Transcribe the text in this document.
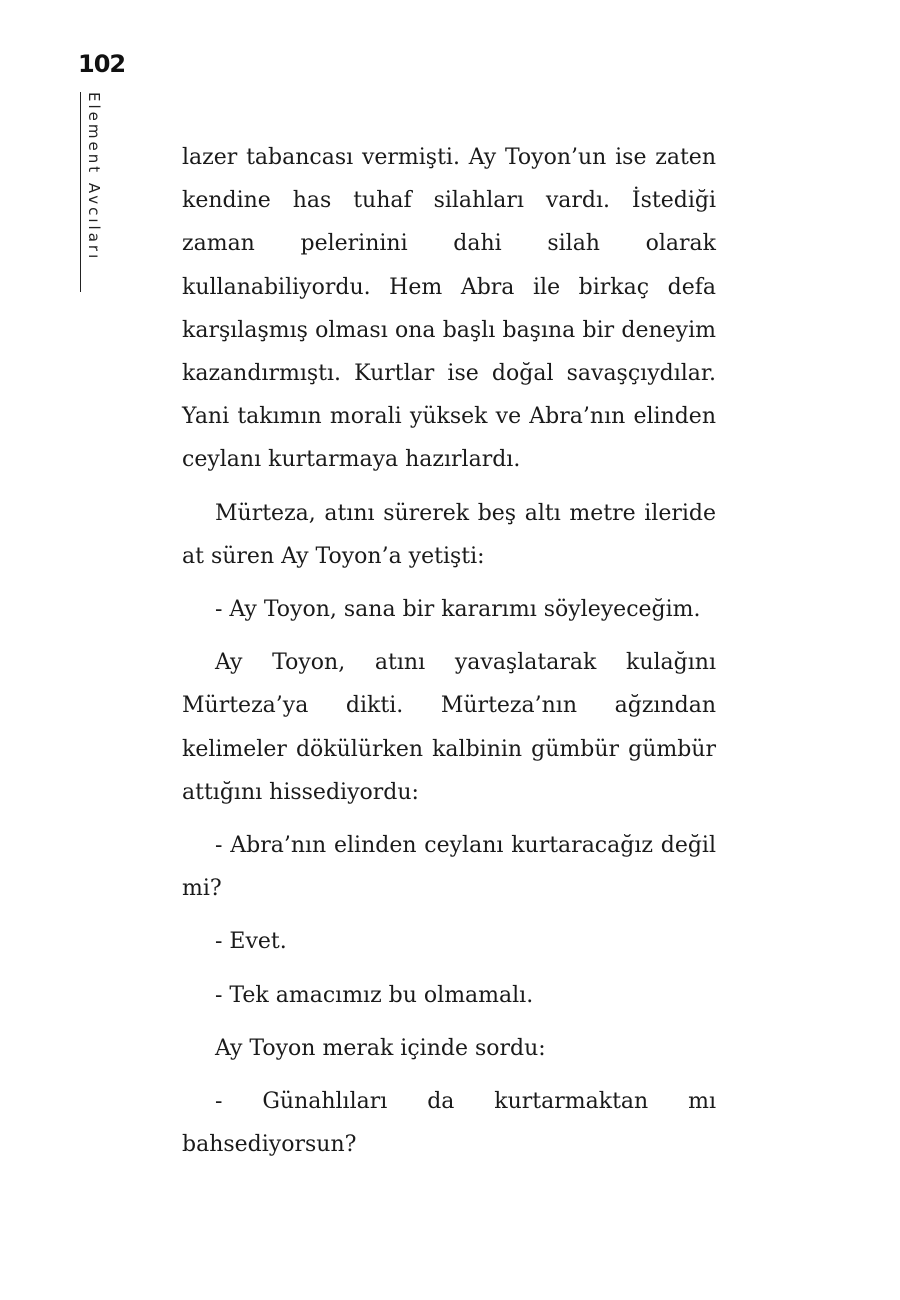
102
Element Avcıları	lazer tabancası vermişti. Ay Toyon’un ise zaten kendine has tuhaf silahları vardı. İstediği zaman pelerinini dahi silah olarak kullanabiliyordu. Hem Abra ile birkaç defa karşılaşmış olması ona başlı başına bir deneyim kazandırmıştı. Kurtlar ise doğal savaşçıydılar. Yani takımın morali yüksek ve Abra’nın elinden ceylanı kurtarmaya hazırlardı.

Mürteza, atını sürerek beş altı metre ileride at süren Ay Toyon’a yetişti:

- Ay Toyon, sana bir kararımı söyleyeceğim.

Ay Toyon, atını yavaşlatarak kulağını Mürteza’ya dikti. Mürteza’nın ağzından kelimeler dökülürken kalbinin gümbür gümbür attığını hissediyordu:

- Abra’nın elinden ceylanı kurtaracağız değil mi?

- Evet.

- Tek amacımız bu olmamalı.

Ay Toyon merak içinde sordu:

- Günahlıları da kurtarmaktan mı bahsediyorsun?
